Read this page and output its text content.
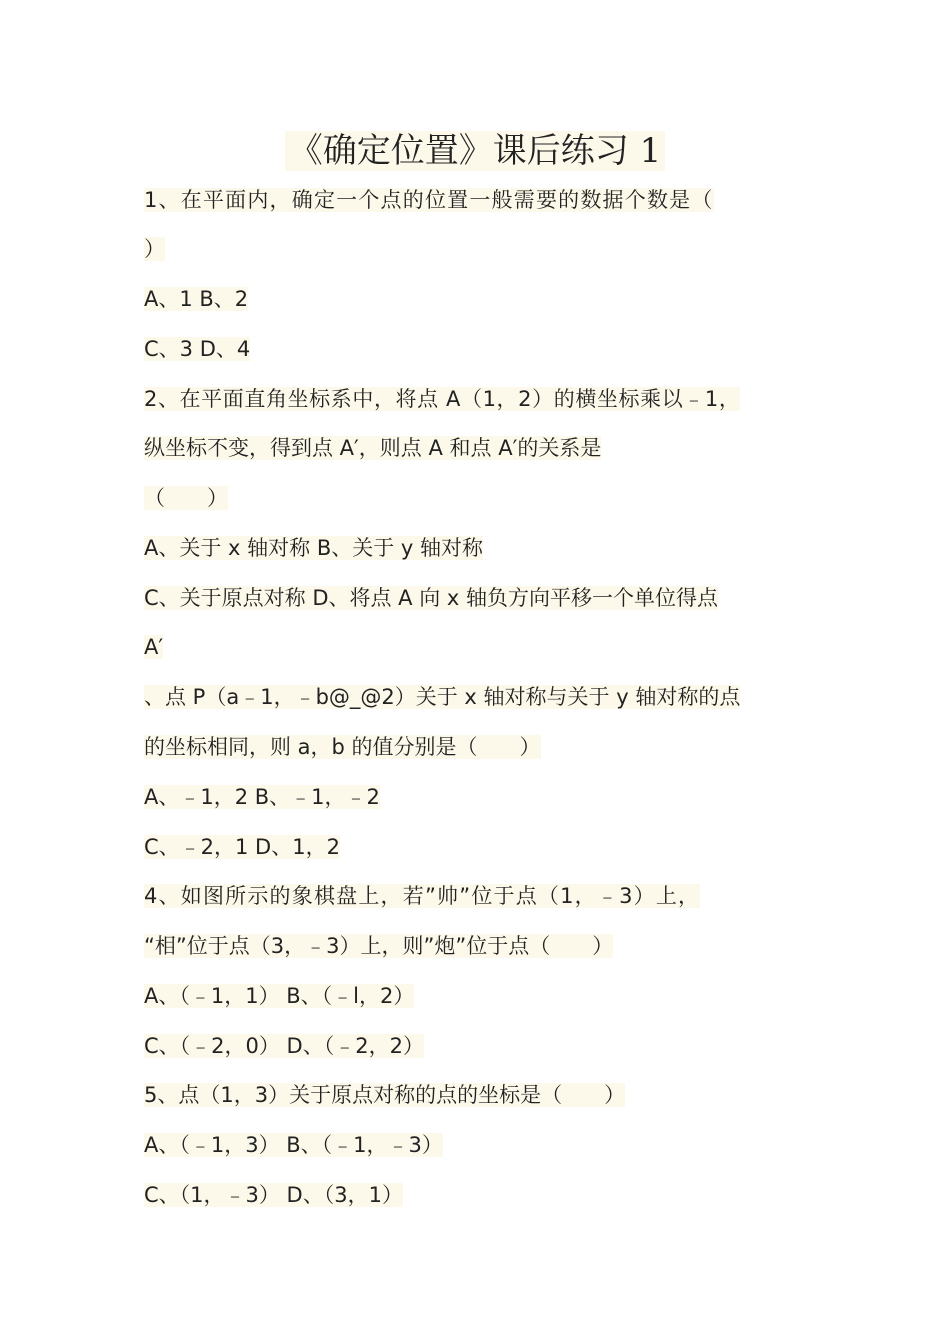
《确定位置》课后练习 1
1、在平面内，确定一个点的位置一般需要的数据个数是（
）
A、1 B、2
C、3 D、4
2、在平面直角坐标系中，将点 A（1，2）的横坐标乘以﹣1，
纵坐标不变，得到点 A′，则点 A 和点 A′的关系是
（　　）
A、关于 x 轴对称 B、关于 y 轴对称
C、关于原点对称 D、将点 A 向 x 轴负方向平移一个单位得点
A′
、点 P（a﹣1，﹣b@_@2）关于 x 轴对称与关于 y 轴对称的点
的坐标相同，则 a，b 的值分别是（　　）
A、﹣1，2 B、﹣1，﹣2
C、﹣2，1 D、1，2
4、如图所示的象棋盘上，若”帅”位于点（1，﹣3）上，
“相”位于点（3，﹣3）上，则”炮”位于点（　　）
A、（﹣1，1） B、（﹣l，2）
C、（﹣2，0） D、（﹣2，2）
5、点（1，3）关于原点对称的点的坐标是（　　）
A、（﹣1，3） B、（﹣1，﹣3）
C、（1，﹣3） D、（3，1）
